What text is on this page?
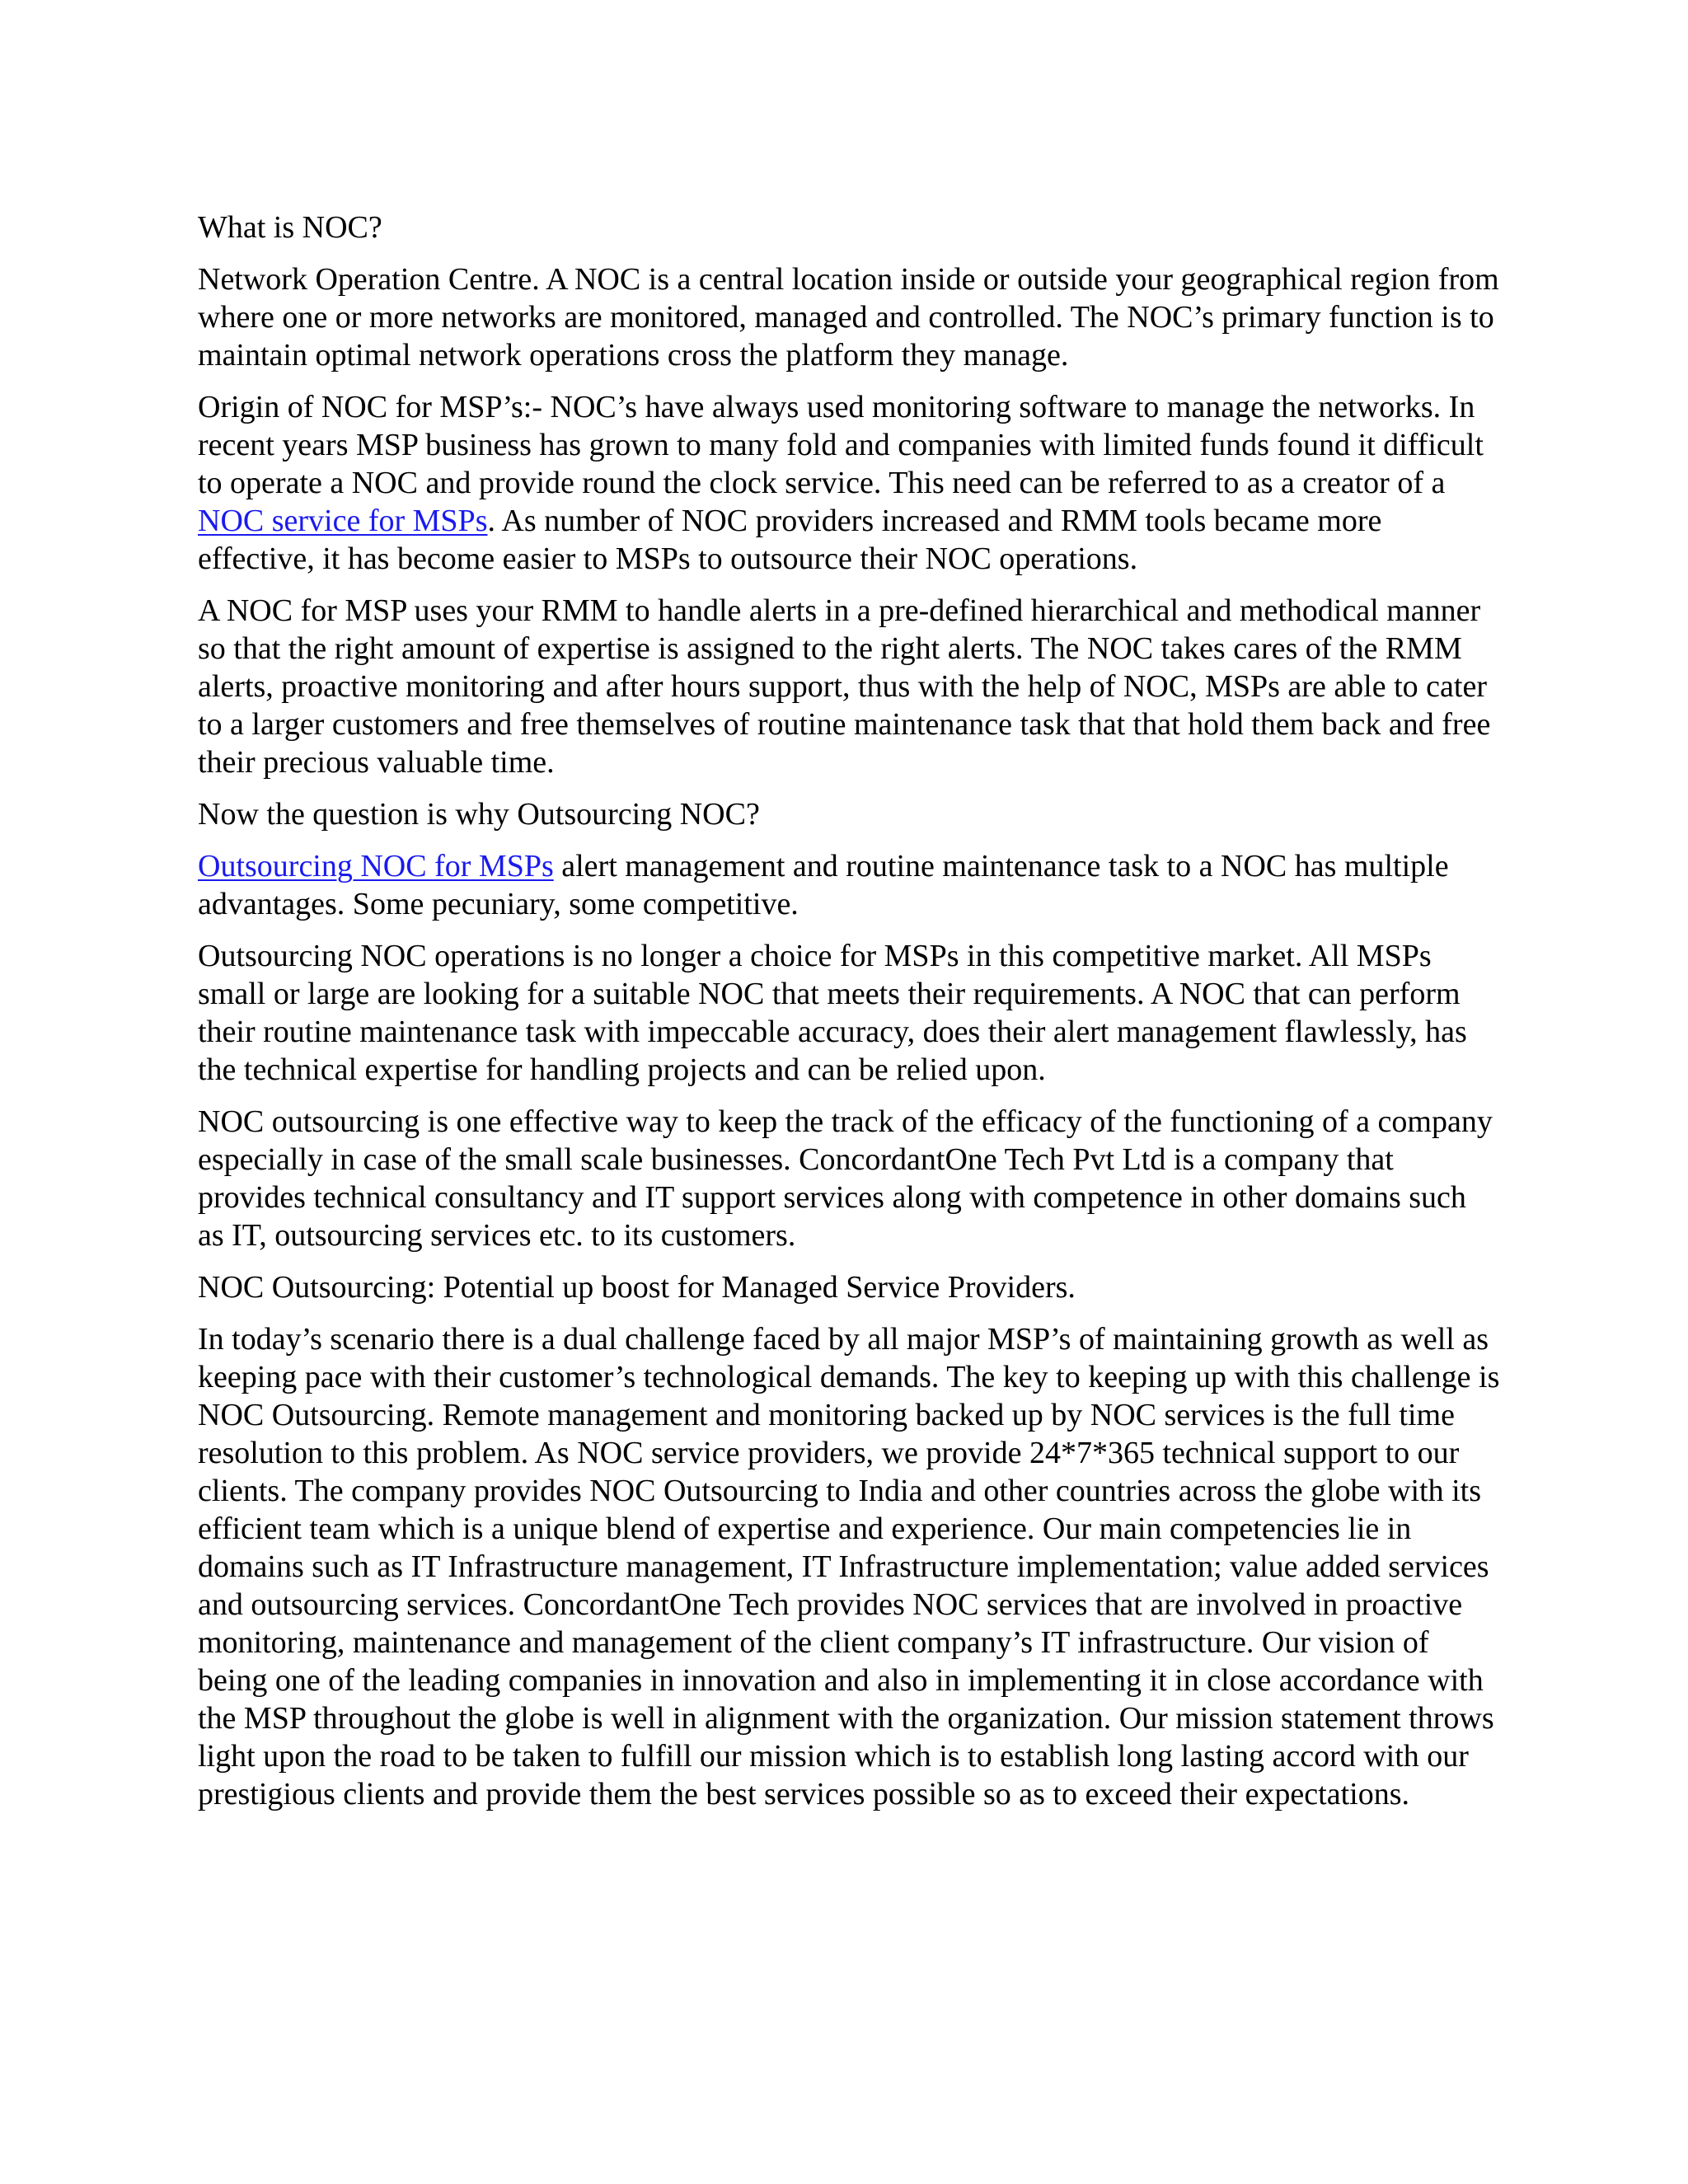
What is NOC?

Network Operation Centre. A NOC is a central location inside or outside your geographical region from where one or more networks are monitored, managed and controlled. The NOC’s primary function is to maintain optimal network operations cross the platform they manage.

Origin of NOC for MSP’s:- NOC’s have always used monitoring software to manage the networks. In recent years MSP business has grown to many fold and companies with limited funds found it difficult to operate a NOC and provide round the clock service. This need can be referred to as a creator of a NOC service for MSPs. As number of NOC providers increased and RMM tools became more effective, it has become easier to MSPs to outsource their NOC operations.

A NOC for MSP uses your RMM to handle alerts in a pre-defined hierarchical and methodical manner so that the right amount of expertise is assigned to the right alerts. The NOC takes cares of the RMM alerts, proactive monitoring and after hours support, thus with the help of NOC, MSPs are able to cater to a larger customers and free themselves of routine maintenance task that that hold them back and free their precious valuable time.

Now the question is why Outsourcing NOC?

Outsourcing NOC for MSPs alert management and routine maintenance task to a NOC has multiple advantages. Some pecuniary, some competitive.

Outsourcing NOC operations is no longer a choice for MSPs in this competitive market. All MSPs small or large are looking for a suitable NOC that meets their requirements. A NOC that can perform their routine maintenance task with impeccable accuracy, does their alert management flawlessly, has the technical expertise for handling projects and can be relied upon.

NOC outsourcing is one effective way to keep the track of the efficacy of the functioning of a company especially in case of the small scale businesses. ConcordantOne Tech Pvt Ltd is a company that provides technical consultancy and IT support services along with competence in other domains such as IT, outsourcing services etc. to its customers.

NOC Outsourcing: Potential up boost for Managed Service Providers.

In today’s scenario there is a dual challenge faced by all major MSP’s of maintaining growth as well as keeping pace with their customer’s technological demands. The key to keeping up with this challenge is NOC Outsourcing. Remote management and monitoring backed up by NOC services is the full time resolution to this problem. As NOC service providers, we provide 24*7*365 technical support to our clients. The company provides NOC Outsourcing to India and other countries across the globe with its efficient team which is a unique blend of expertise and experience. Our main competencies lie in domains such as IT Infrastructure management, IT Infrastructure implementation; value added services and outsourcing services. ConcordantOne Tech provides NOC services that are involved in proactive monitoring, maintenance and management of the client company’s IT infrastructure. Our vision of being one of the leading companies in innovation and also in implementing it in close accordance with the MSP throughout the globe is well in alignment with the organization. Our mission statement throws light upon the road to be taken to fulfill our mission which is to establish long lasting accord with our prestigious clients and provide them the best services possible so as to exceed their expectations.
